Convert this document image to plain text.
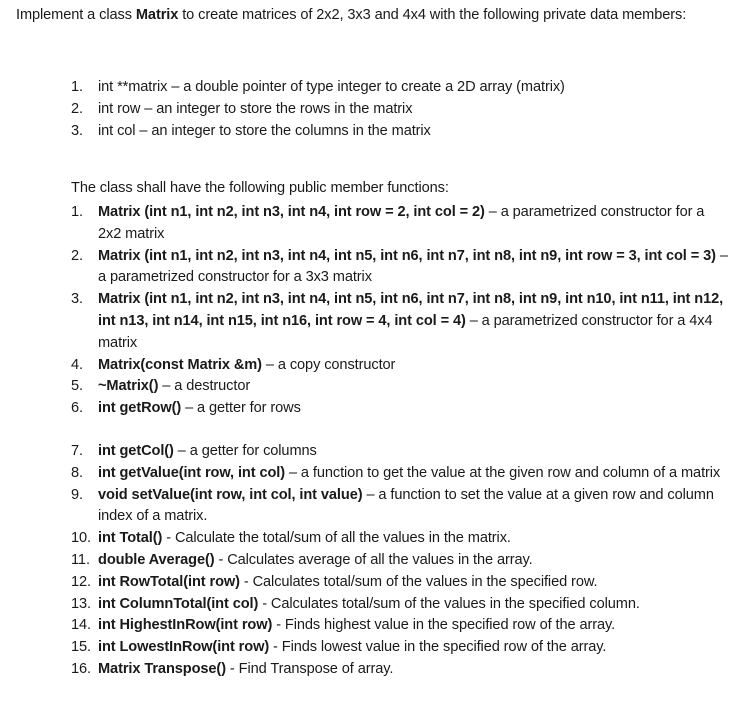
Implement a class Matrix to create matrices of 2x2, 3x3 and 4x4 with the following private data members:

1. int **matrix – a double pointer of type integer to create a 2D array (matrix)
2. int row – an integer to store the rows in the matrix
3. int col – an integer to store the columns in the matrix
The class shall have the following public member functions:
1. Matrix (int n1, int n2, int n3, int n4, int row = 2, int col = 2) – a parametrized constructor for a 2x2 matrix
2. Matrix (int n1, int n2, int n3, int n4, int n5, int n6, int n7, int n8, int n9, int row = 3, int col = 3) – a parametrized constructor for a 3x3 matrix
3. Matrix (int n1, int n2, int n3, int n4, int n5, int n6, int n7, int n8, int n9, int n10, int n11, int n12, int n13, int n14, int n15, int n16, int row = 4, int col = 4) – a parametrized constructor for a 4x4 matrix
4. Matrix(const Matrix &m) – a copy constructor
5. ~Matrix() – a destructor
6. int getRow() – a getter for rows
7. int getCol() – a getter for columns
8. int getValue(int row, int col) – a function to get the value at the given row and column of a matrix
9. void setValue(int row, int col, int value) – a function to set the value at a given row and column index of a matrix.
10. int Total() - Calculate the total/sum of all the values in the matrix.
11. double Average() - Calculates average of all the values in the array.
12. int RowTotal(int row) - Calculates total/sum of the values in the specified row.
13. int ColumnTotal(int col) - Calculates total/sum of the values in the specified column.
14. int HighestInRow(int row) - Finds highest value in the specified row of the array.
15. int LowestInRow(int row) - Finds lowest value in the specified row of the array.
16. Matrix Transpose() - Find Transpose of array.
